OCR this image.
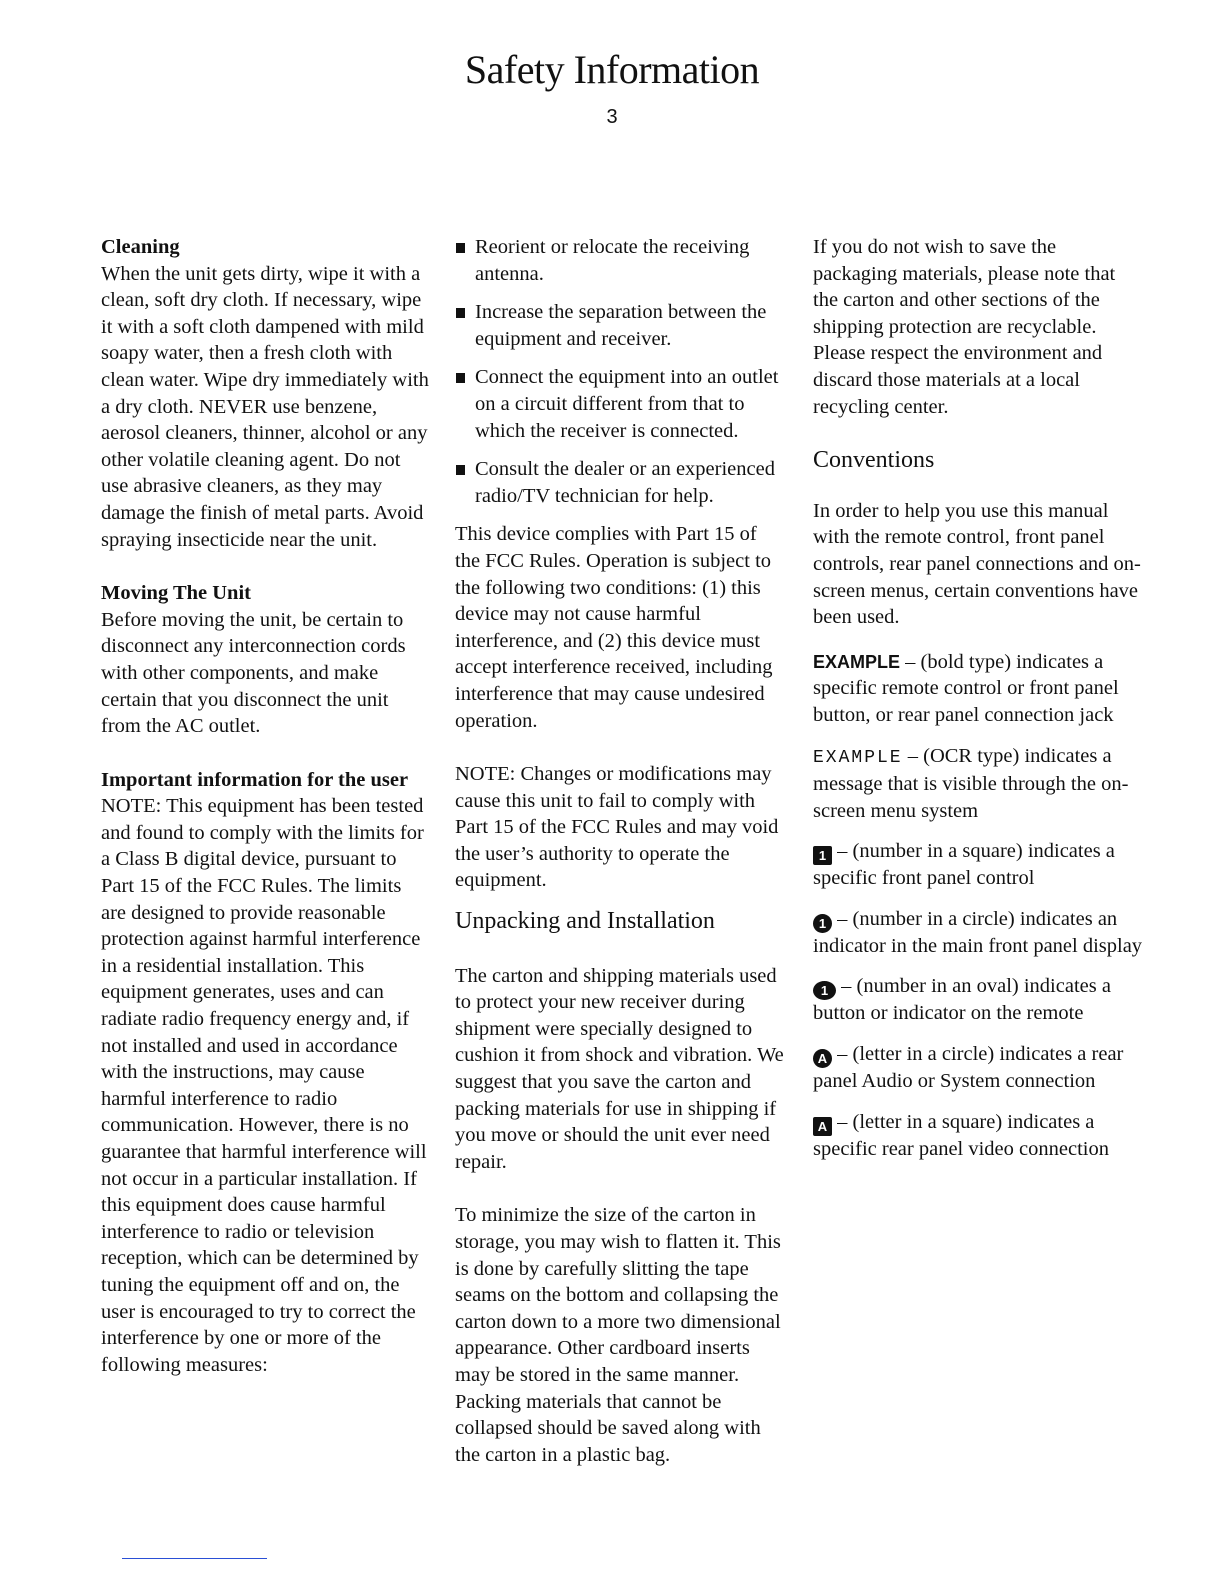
Safety Information
3

Cleaning

When the unit gets dirty, wipe it with a clean, soft dry cloth. If necessary, wipe it with a soft cloth dampened with mild soapy water, then a fresh cloth with clean water. Wipe dry immediately with a dry cloth. NEVER use benzene, aerosol cleaners, thinner, alcohol or any other volatile cleaning agent. Do not use abrasive cleaners, as they may damage the finish of metal parts. Avoid spraying insecticide near the unit.

Moving The Unit

Before moving the unit, be certain to disconnect any interconnection cords with other components, and make certain that you disconnect the unit from the AC outlet.

Important information for the user

NOTE: This equipment has been tested and found to comply with the limits for a Class B digital device, pursuant to Part 15 of the FCC Rules. The limits are designed to provide reasonable protection against harmful interference in a residential installation. This equipment generates, uses and can radiate radio frequency energy and, if not installed and used in accordance with the instructions, may cause harmful interference to radio communication. However, there is no guarantee that harmful interference will not occur in a particular installation. If this equipment does cause harmful interference to radio or television reception, which can be determined by tuning the equipment off and on, the user is encouraged to try to correct the interference by one or more of the following measures:

Reorient or relocate the receiving antenna.

Increase the separation between the equipment and receiver.

Connect the equipment into an outlet on a circuit different from that to which the receiver is connected.

Consult the dealer or an experienced radio/TV technician for help.

This device complies with Part 15 of the FCC Rules. Operation is subject to the following two conditions: (1) this device may not cause harmful interference, and (2) this device must accept interference received, including interference that may cause undesired operation.

NOTE: Changes or modifications may cause this unit to fail to comply with Part 15 of the FCC Rules and may void the user’s authority to operate the equipment.

Unpacking and Installation

The carton and shipping materials used to protect your new receiver during shipment were specially designed to cushion it from shock and vibration. We suggest that you save the carton and packing materials for use in shipping if you move or should the unit ever need repair.

To minimize the size of the carton in storage, you may wish to flatten it. This is done by carefully slitting the tape seams on the bottom and collapsing the carton down to a more two dimensional appearance. Other cardboard inserts may be stored in the same manner. Packing materials that cannot be collapsed should be saved along with the carton in a plastic bag.

If you do not wish to save the packaging materials, please note that the carton and other sections of the shipping protection are recyclable. Please respect the environment and discard those materials at a local recycling center.

Conventions

In order to help you use this manual with the remote control, front panel controls, rear panel connections and on-screen menus, certain conventions have been used.

EXAMPLE – (bold type) indicates a specific remote control or front panel button, or rear panel connection jack

EXAMPLE – (OCR type) indicates a message that is visible through the on-screen menu system

1 – (number in a square) indicates a specific front panel control

1 – (number in a circle) indicates an indicator in the main front panel display

1 – (number in an oval) indicates a button or indicator on the remote

A – (letter in a circle) indicates a rear panel Audio or System connection

A – (letter in a square) indicates a specific rear panel video connection
